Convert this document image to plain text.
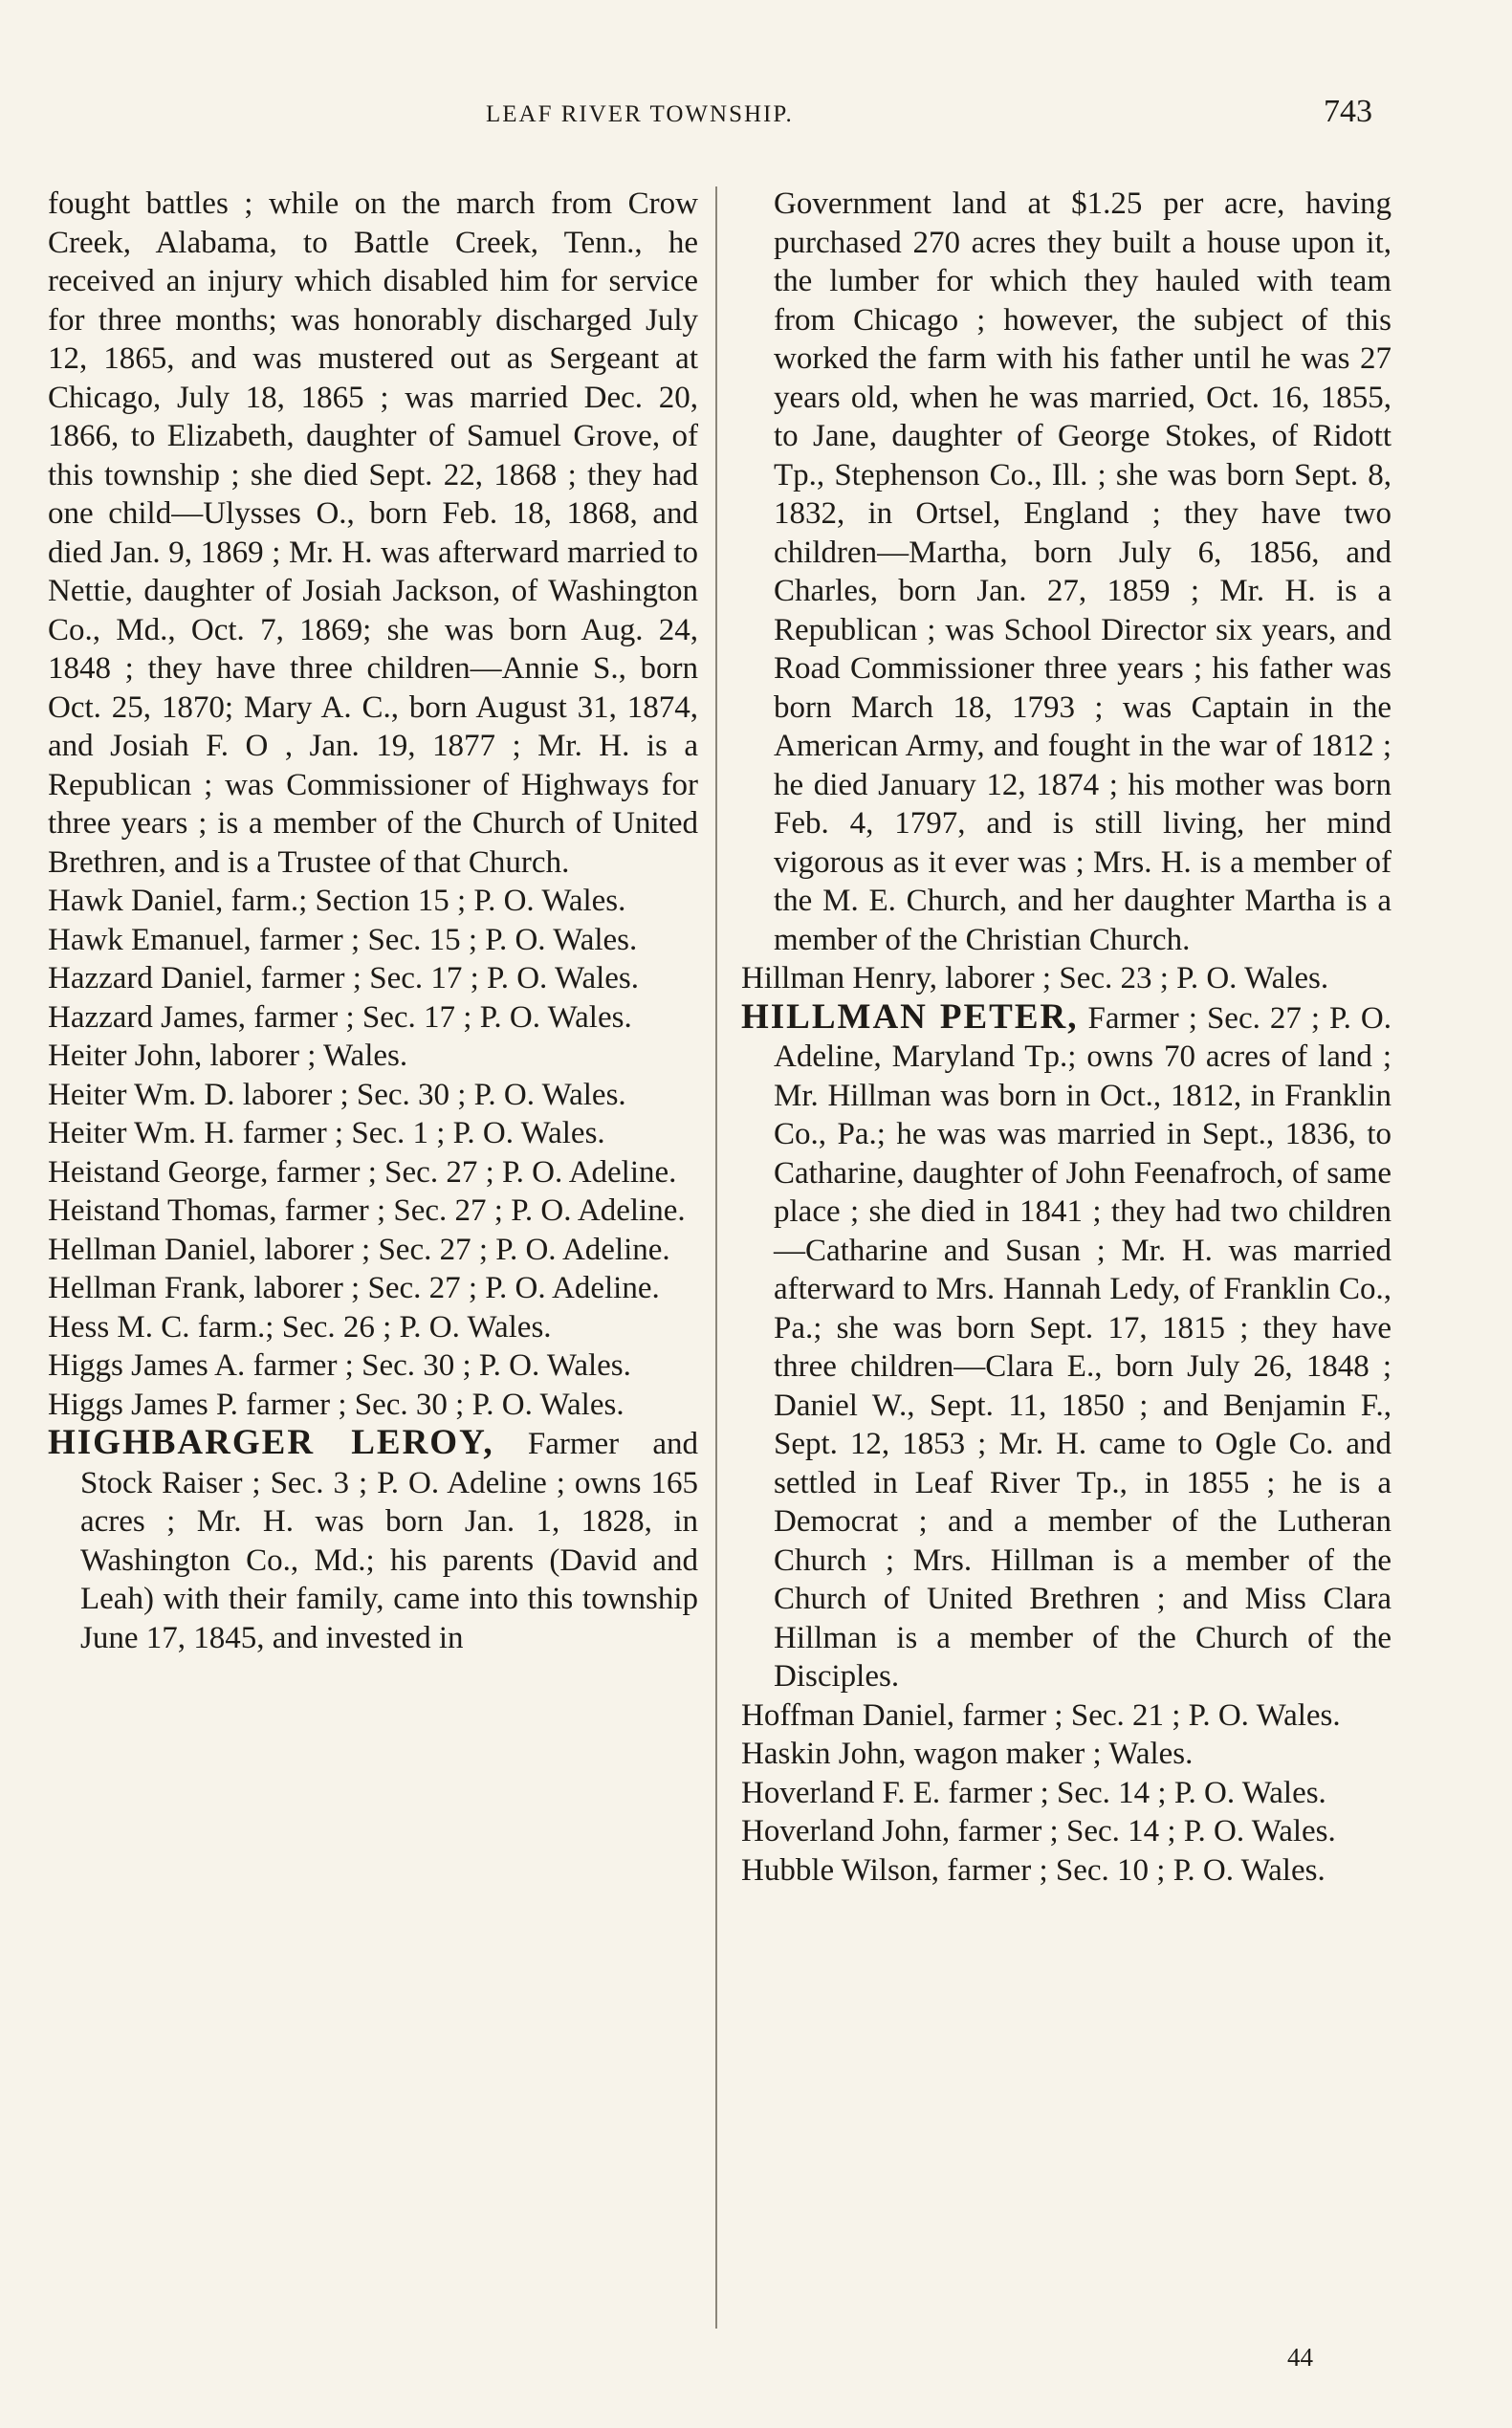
LEAF RIVER TOWNSHIP.	743

fought battles ; while on the march from Crow Creek, Alabama, to Battle Creek, Tenn., he received an injury which disabled him for service for three months; was honorably discharged July 12, 1865, and was mustered out as Sergeant at Chicago, July 18, 1865 ; was married Dec. 20, 1866, to Elizabeth, daughter of Samuel Grove, of this township ; she died Sept. 22, 1868 ; they had one child—Ulysses O., born Feb. 18, 1868, and died Jan. 9, 1869 ; Mr. H. was afterward married to Nettie, daughter of Josiah Jackson, of Washington Co., Md., Oct. 7, 1869; she was born Aug. 24, 1848 ; they have three children—Annie S., born Oct. 25, 1870; Mary A. C., born August 31, 1874, and Josiah F. O , Jan. 19, 1877 ; Mr. H. is a Republican ; was Commissioner of Highways for three years ; is a member of the Church of United Brethren, and is a Trustee of that Church.

Hawk Daniel, farm.; Section 15 ; P. O. Wales.

Hawk Emanuel, farmer ; Sec. 15 ; P. O. Wales.

Hazzard Daniel, farmer ; Sec. 17 ; P. O. Wales.

Hazzard James, farmer ; Sec. 17 ; P. O. Wales.

Heiter John, laborer ; Wales.

Heiter Wm. D. laborer ; Sec. 30 ; P. O. Wales.

Heiter Wm. H. farmer ; Sec. 1 ; P. O. Wales.

Heistand George, farmer ; Sec. 27 ; P. O. Adeline.

Heistand Thomas, farmer ; Sec. 27 ; P. O. Adeline.

Hellman Daniel, laborer ; Sec. 27 ; P. O. Adeline.

Hellman Frank, laborer ; Sec. 27 ; P. O. Adeline.

Hess M. C. farm.; Sec. 26 ; P. O. Wales.

Higgs James A. farmer ; Sec. 30 ; P. O. Wales.

Higgs James P. farmer ; Sec. 30 ; P. O. Wales.

HIGHBARGER LEROY, Farmer and Stock Raiser ; Sec. 3 ; P. O. Adeline ; owns 165 acres ; Mr. H. was born Jan. 1, 1828, in Washington Co., Md.; his parents (David and Leah) with their family, came into this township June 17, 1845, and invested in

Government land at $1.25 per acre, having purchased 270 acres they built a house upon it, the lumber for which they hauled with team from Chicago ; however, the subject of this worked the farm with his father until he was 27 years old, when he was married, Oct. 16, 1855, to Jane, daughter of George Stokes, of Ridott Tp., Stephenson Co., Ill. ; she was born Sept. 8, 1832, in Ortsel, England ; they have two children—Martha, born July 6, 1856, and Charles, born Jan. 27, 1859 ; Mr. H. is a Republican ; was School Director six years, and Road Commissioner three years ; his father was born March 18, 1793 ; was Captain in the American Army, and fought in the war of 1812 ; he died January 12, 1874 ; his mother was born Feb. 4, 1797, and is still living, her mind vigorous as it ever was ; Mrs. H. is a member of the M. E. Church, and her daughter Martha is a member of the Christian Church.

Hillman Henry, laborer ; Sec. 23 ; P. O. Wales.

HILLMAN PETER, Farmer ; Sec. 27 ; P. O. Adeline, Maryland Tp.; owns 70 acres of land ; Mr. Hillman was born in Oct., 1812, in Franklin Co., Pa.; he was was married in Sept., 1836, to Catharine, daughter of John Feenafroch, of same place ; she died in 1841 ; they had two children—Catharine and Susan ; Mr. H. was married afterward to Mrs. Hannah Ledy, of Franklin Co., Pa.; she was born Sept. 17, 1815 ; they have three children—Clara E., born July 26, 1848 ; Daniel W., Sept. 11, 1850 ; and Benjamin F., Sept. 12, 1853 ; Mr. H. came to Ogle Co. and settled in Leaf River Tp., in 1855 ; he is a Democrat ; and a member of the Lutheran Church ; Mrs. Hillman is a member of the Church of United Brethren ; and Miss Clara Hillman is a member of the Church of the Disciples.

Hoffman Daniel, farmer ; Sec. 21 ; P. O. Wales.

Haskin John, wagon maker ; Wales.

Hoverland F. E. farmer ; Sec. 14 ; P. O. Wales.

Hoverland John, farmer ; Sec. 14 ; P. O. Wales.

Hubble Wilson, farmer ; Sec. 10 ; P. O. Wales.

44
